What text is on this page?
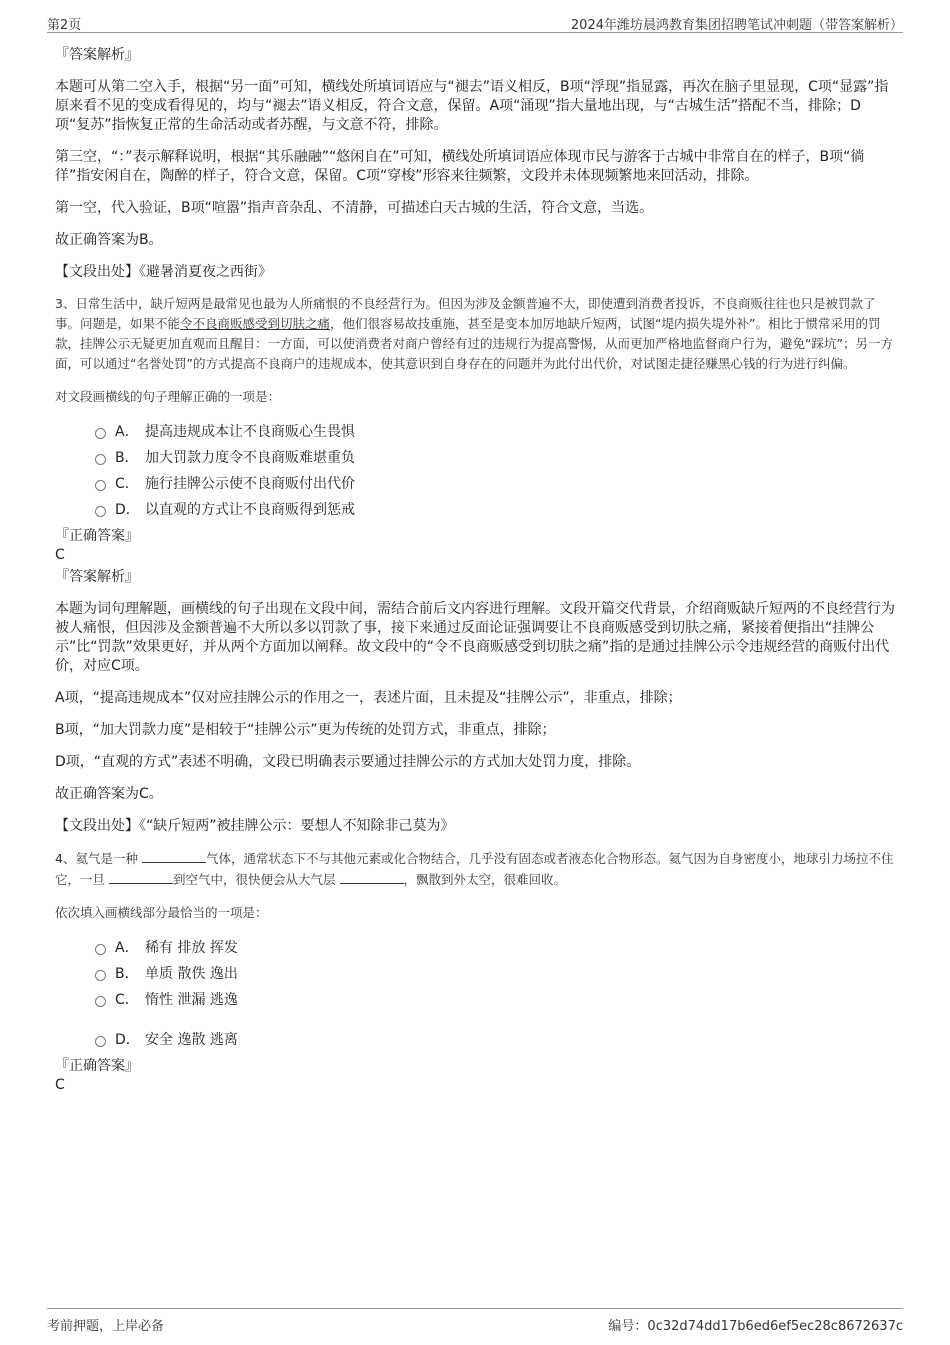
第2页	2024年潍坊晨鸿教育集团招聘笔试冲刺题（带答案解析）
『答案解析』

本题可从第二空入手，根据“另一面”可知，横线处所填词语应与“褪去”语义相反，B项“浮现”指显露，再次在脑子里显现，C项“显露”指原来看不见的变成看得见的，均与“褪去”语义相反，符合文意，保留。A项“涌现”指大量地出现，与“古城生活”搭配不当，排除；D项“复苏”指恢复正常的生命活动或者苏醒，与文意不符，排除。

第三空，“：”表示解释说明，根据“其乐融融”“悠闲自在”可知，横线处所填词语应体现市民与游客于古城中非常自在的样子，B项“徜徉”指安闲自在，陶醉的样子，符合文意，保留。C项“穿梭”形容来往频繁，文段并未体现频繁地来回活动，排除。

第一空，代入验证，B项“喧嚣”指声音杂乱、不清静，可描述白天古城的生活，符合文意，当选。

故正确答案为B。

【文段出处】《避暑消夏夜之西街》

3、日常生活中，缺斤短两是最常见也最为人所痛恨的不良经营行为。但因为涉及金额普遍不大，即使遭到消费者投诉，不良商贩往往也只是被罚款了事。问题是，如果不能令不良商贩感受到切肤之痛，他们很容易故技重施，甚至是变本加厉地缺斤短两，试图“堤内损失堤外补”。相比于惯常采用的罚款，挂牌公示无疑更加直观而且醒目：一方面，可以使消费者对商户曾经有过的违规行为提高警惕，从而更加严格地监督商户行为，避免“踩坑”；另一方面，可以通过“名誉处罚”的方式提高不良商户的违规成本，使其意识到自身存在的问题并为此付出代价，对试图走捷径赚黑心钱的行为进行纠偏。

对文段画横线的句子理解正确的一项是：

A． 提高违规成本让不良商贩心生畏惧
B． 加大罚款力度令不良商贩难堪重负
C． 施行挂牌公示使不良商贩付出代价
D． 以直观的方式让不良商贩得到惩戒
『正确答案』
C
『答案解析』

本题为词句理解题，画横线的句子出现在文段中间，需结合前后文内容进行理解。文段开篇交代背景，介绍商贩缺斤短两的不良经营行为被人痛恨，但因涉及金额普遍不大所以多以罚款了事，接下来通过反面论证强调要让不良商贩感受到切肤之痛，紧接着便指出“挂牌公示”比“罚款”效果更好，并从两个方面加以阐释。故文段中的“令不良商贩感受到切肤之痛”指的是通过挂牌公示令违规经营的商贩付出代价，对应C项。

A项，“提高违规成本”仅对应挂牌公示的作用之一，表述片面，且未提及“挂牌公示”，非重点，排除；

B项，“加大罚款力度”是相较于“挂牌公示”更为传统的处罚方式，非重点，排除；

D项，“直观的方式”表述不明确，文段已明确表示要通过挂牌公示的方式加大处罚力度，排除。

故正确答案为C。

【文段出处】《“缺斤短两”被挂牌公示：要想人不知除非己莫为》

4、氦气是一种	气体，通常状态下不与其他元素或化合物结合，几乎没有固态或者液态化合物形态。氦气因为自身密度小，地球引力场拉不住它，一旦	到空气中，很快便会从大气层	，飘散到外太空，很难回收。

依次填入画横线部分最恰当的一项是：

A． 稀有 排放 挥发
B． 单质 散佚 逸出
C． 惰性 泄漏 逃逸
D． 安全 逸散 逃离
『正确答案』
C
考前押题，上岸必备	编号：0c32d74dd17b6ed6ef5ec28c8672637c
